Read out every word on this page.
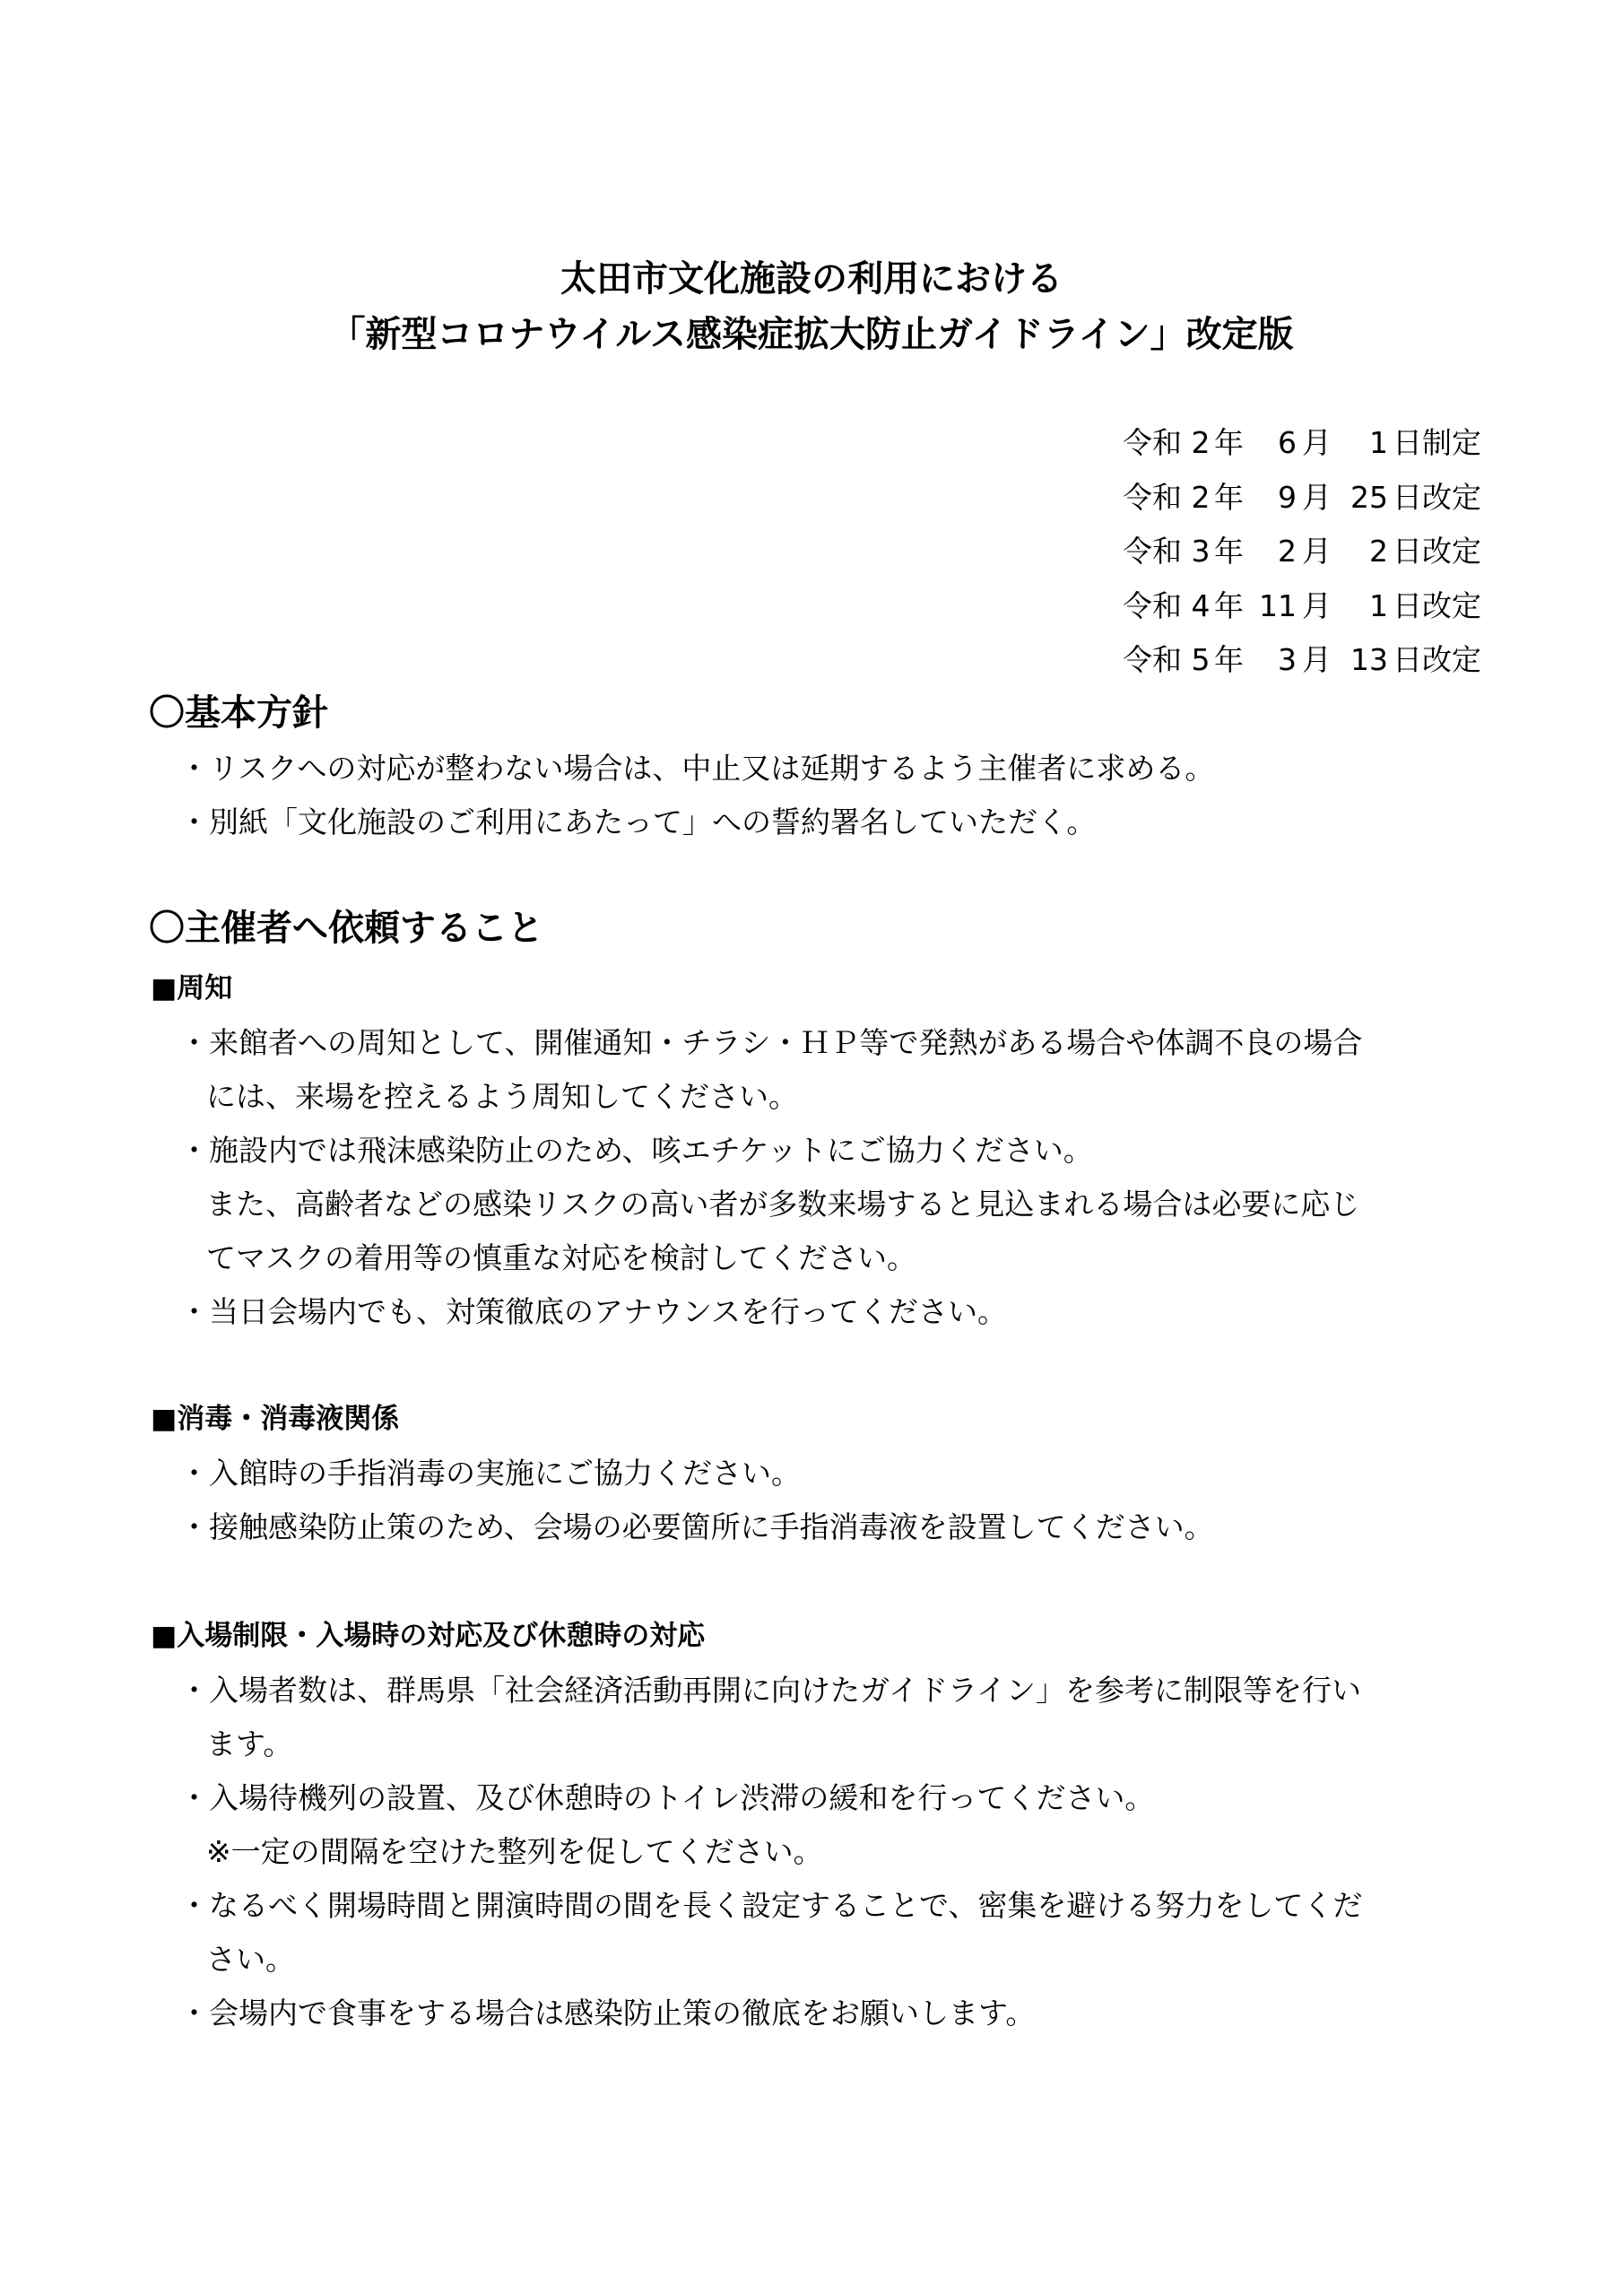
太田市文化施設の利用における
「新型コロナウイルス感染症拡大防止ガイドライン」改定版
令和 2 年	6 月	1 日制定
令和 2 年	9 月 25 日改定
令和 3 年	2 月	2 日改定
令和 4 年 11 月	1 日改定
令和 5 年	3 月 13 日改定
〇基本方針
・リスクへの対応が整わない場合は、中止又は延期するよう主催者に求める。
・別紙「文化施設のご利用にあたって」への誓約署名していただく。
〇主催者へ依頼すること
■周知
・来館者への周知として、開催通知・チラシ・ＨＰ等で発熱がある場合や体調不良の場合
には、来場を控えるよう周知してください。
・施設内では飛沫感染防止のため、咳エチケットにご協力ください。
また、高齢者などの感染リスクの高い者が多数来場すると見込まれる場合は必要に応じ
てマスクの着用等の慎重な対応を検討してください。
・当日会場内でも、対策徹底のアナウンスを行ってください。
■消毒・消毒液関係
・入館時の手指消毒の実施にご協力ください。
・接触感染防止策のため、会場の必要箇所に手指消毒液を設置してください。
■入場制限・入場時の対応及び休憩時の対応
・入場者数は、群馬県「社会経済活動再開に向けたガイドライン」を参考に制限等を行い
ます。
・入場待機列の設置、及び休憩時のトイレ渋滞の緩和を行ってください。
※一定の間隔を空けた整列を促してください。
・なるべく開場時間と開演時間の間を長く設定することで、密集を避ける努力をしてくだ
さい。
・会場内で食事をする場合は感染防止策の徹底をお願いします。
